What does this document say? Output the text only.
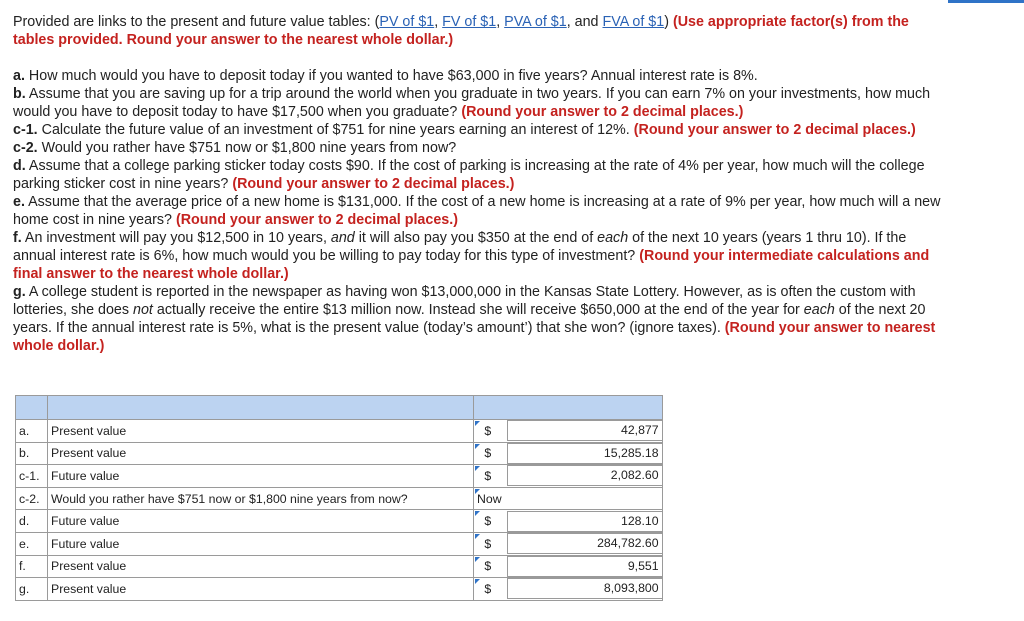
Provided are links to the present and future value tables: (PV of $1, FV of $1, PVA of $1, and FVA of $1) (Use appropriate factor(s) from the tables provided. Round your answer to the nearest whole dollar.)

a. How much would you have to deposit today if you wanted to have $63,000 in five years? Annual interest rate is 8%.

b. Assume that you are saving up for a trip around the world when you graduate in two years. If you can earn 7% on your investments, how much would you have to deposit today to have $17,500 when you graduate? (Round your answer to 2 decimal places.)

c-1. Calculate the future value of an investment of $751 for nine years earning an interest of 12%. (Round your answer to 2 decimal places.)

c-2. Would you rather have $751 now or $1,800 nine years from now?

d. Assume that a college parking sticker today costs $90. If the cost of parking is increasing at the rate of 4% per year, how much will the college parking sticker cost in nine years? (Round your answer to 2 decimal places.)

e. Assume that the average price of a new home is $131,000. If the cost of a new home is increasing at a rate of 9% per year, how much will a new home cost in nine years? (Round your answer to 2 decimal places.)

f. An investment will pay you $12,500 in 10 years, and it will also pay you $350 at the end of each of the next 10 years (years 1 thru 10). If the annual interest rate is 6%, how much would you be willing to pay today for this type of investment? (Round your intermediate calculations and final answer to the nearest whole dollar.)

g. A college student is reported in the newspaper as having won $13,000,000 in the Kansas State Lottery. However, as is often the custom with lotteries, she does not actually receive the entire $13 million now. Instead she will receive $650,000 at the end of the year for each of the next 20 years. If the annual interest rate is 5%, what is the present value (today’s amount’) that she won? (ignore taxes). (Round your answer to nearest whole dollar.)

a.	Present value	$	42,877

b.	Present value	$	15,285.18

c-1.	Future value	$	2,082.60

c-2.	Would you rather have $751 now or $1,800 nine years from now?	Now	
d.	Future value	$	128.10

e.	Future value	$	284,782.60

f.	Present value	$	9,551

g.	Present value	$	8,093,800
